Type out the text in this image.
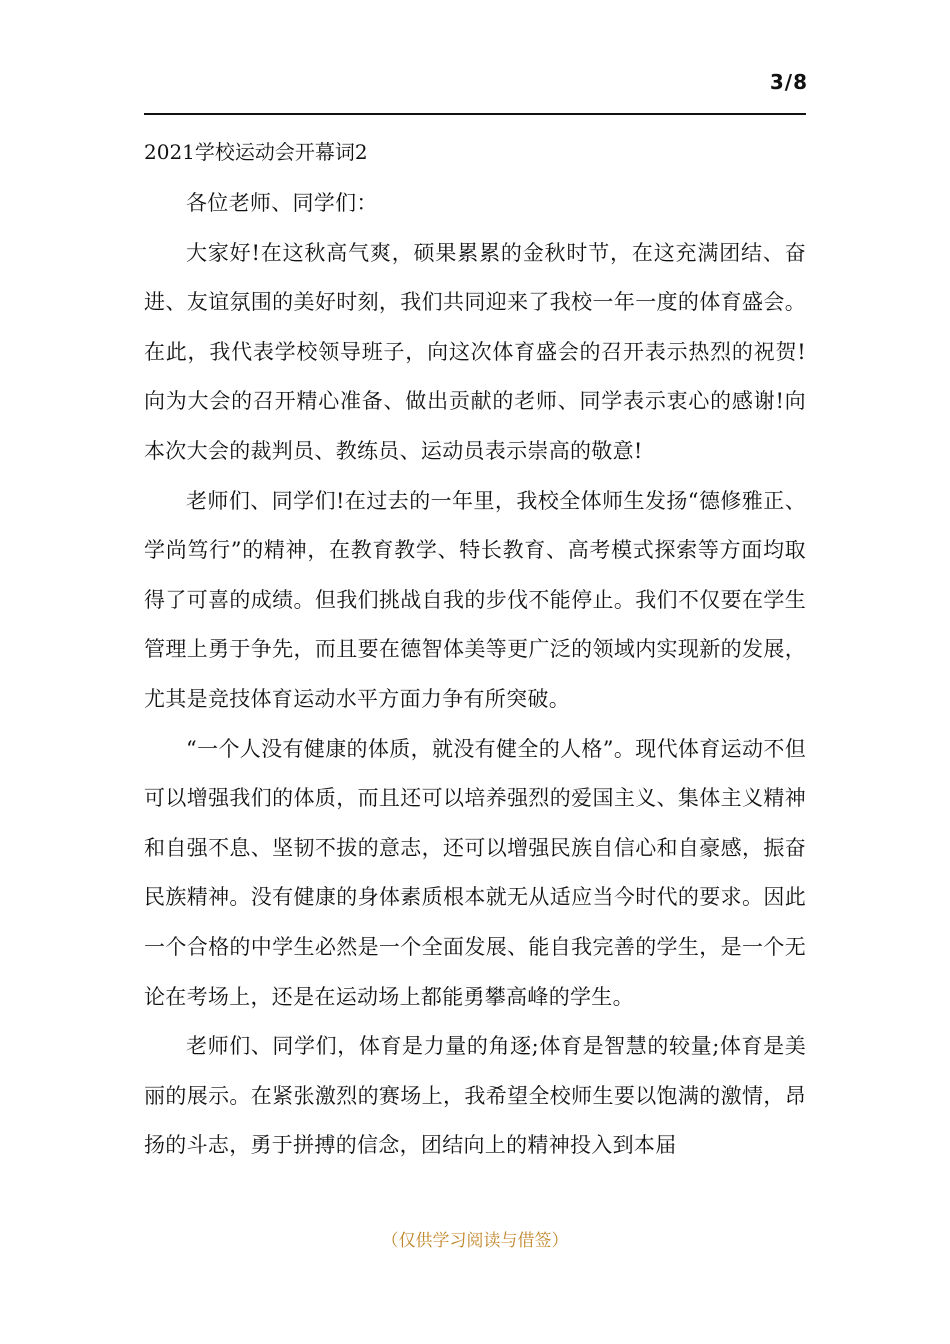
3/8
2021学校运动会开幕词2

各位老师、同学们：

大家好!在这秋高气爽，硕果累累的金秋时节，在这充满团结、奋进、友谊氛围的美好时刻，我们共同迎来了我校一年一度的体育盛会。在此，我代表学校领导班子，向这次体育盛会的召开表示热烈的祝贺!向为大会的召开精心准备、做出贡献的老师、同学表示衷心的感谢!向本次大会的裁判员、教练员、运动员表示崇高的敬意!

老师们、同学们!在过去的一年里，我校全体师生发扬“德修雅正、学尚笃行”的精神，在教育教学、特长教育、高考模式探索等方面均取得了可喜的成绩。但我们挑战自我的步伐不能停止。我们不仅要在学生管理上勇于争先，而且要在德智体美等更广泛的领域内实现新的发展，尤其是竞技体育运动水平方面力争有所突破。

“一个人没有健康的体质，就没有健全的人格”。现代体育运动不但可以增强我们的体质，而且还可以培养强烈的爱国主义、集体主义精神和自强不息、坚韧不拔的意志，还可以增强民族自信心和自豪感，振奋民族精神。没有健康的身体素质根本就无从适应当今时代的要求。因此一个合格的中学生必然是一个全面发展、能自我完善的学生，是一个无论在考场上，还是在运动场上都能勇攀高峰的学生。

老师们、同学们，体育是力量的角逐;体育是智慧的较量;体育是美丽的展示。在紧张激烈的赛场上，我希望全校师生要以饱满的激情，昂扬的斗志，勇于拼搏的信念，团结向上的精神投入到本届

（仅供学习阅读与借签）
